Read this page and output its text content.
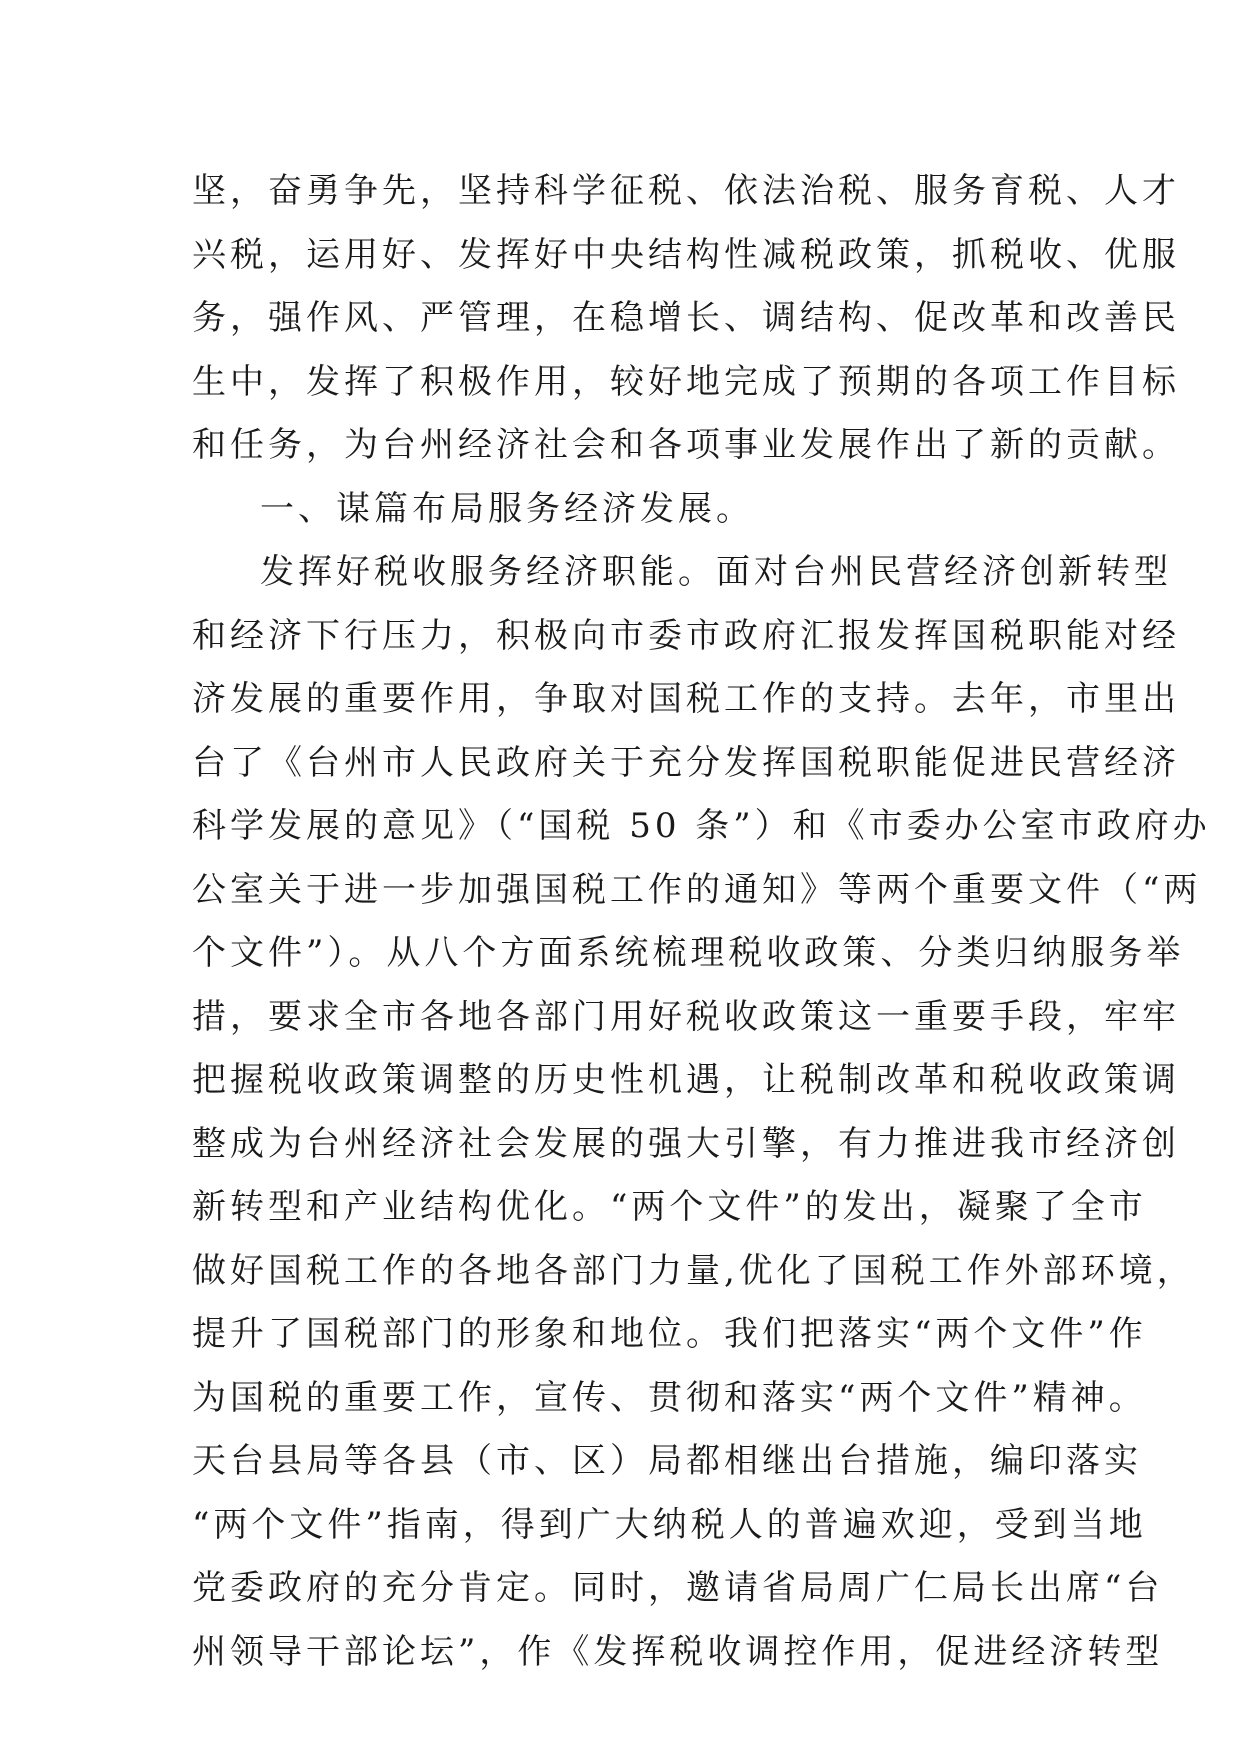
坚，奋勇争先，坚持科学征税、依法治税、服务育税、人才
兴税，运用好、发挥好中央结构性减税政策，抓税收、优服
务，强作风、严管理，在稳增长、调结构、促改革和改善民
生中，发挥了积极作用，较好地完成了预期的各项工作目标
和任务，为台州经济社会和各项事业发展作出了新的贡献。
一、谋篇布局服务经济发展。
发挥好税收服务经济职能。面对台州民营经济创新转型
和经济下行压力，积极向市委市政府汇报发挥国税职能对经
济发展的重要作用，争取对国税工作的支持。去年，市里出
台了《台州市人民政府关于充分发挥国税职能促进民营经济
科学发展的意见》（“国税 50 条”）和《市委办公室市政府办
公室关于进一步加强国税工作的通知》等两个重要文件（“两
个文件”）。从八个方面系统梳理税收政策、分类归纳服务举
措，要求全市各地各部门用好税收政策这一重要手段，牢牢
把握税收政策调整的历史性机遇，让税制改革和税收政策调
整成为台州经济社会发展的强大引擎，有力推进我市经济创
新转型和产业结构优化。“两个文件”的发出，凝聚了全市
做好国税工作的各地各部门力量,优化了国税工作外部环境，
提升了国税部门的形象和地位。我们把落实“两个文件”作
为国税的重要工作，宣传、贯彻和落实“两个文件”精神。
天台县局等各县（市、区）局都相继出台措施，编印落实
“两个文件”指南，得到广大纳税人的普遍欢迎，受到当地
党委政府的充分肯定。同时，邀请省局周广仁局长出席“台
州领导干部论坛”，作《发挥税收调控作用，促进经济转型
